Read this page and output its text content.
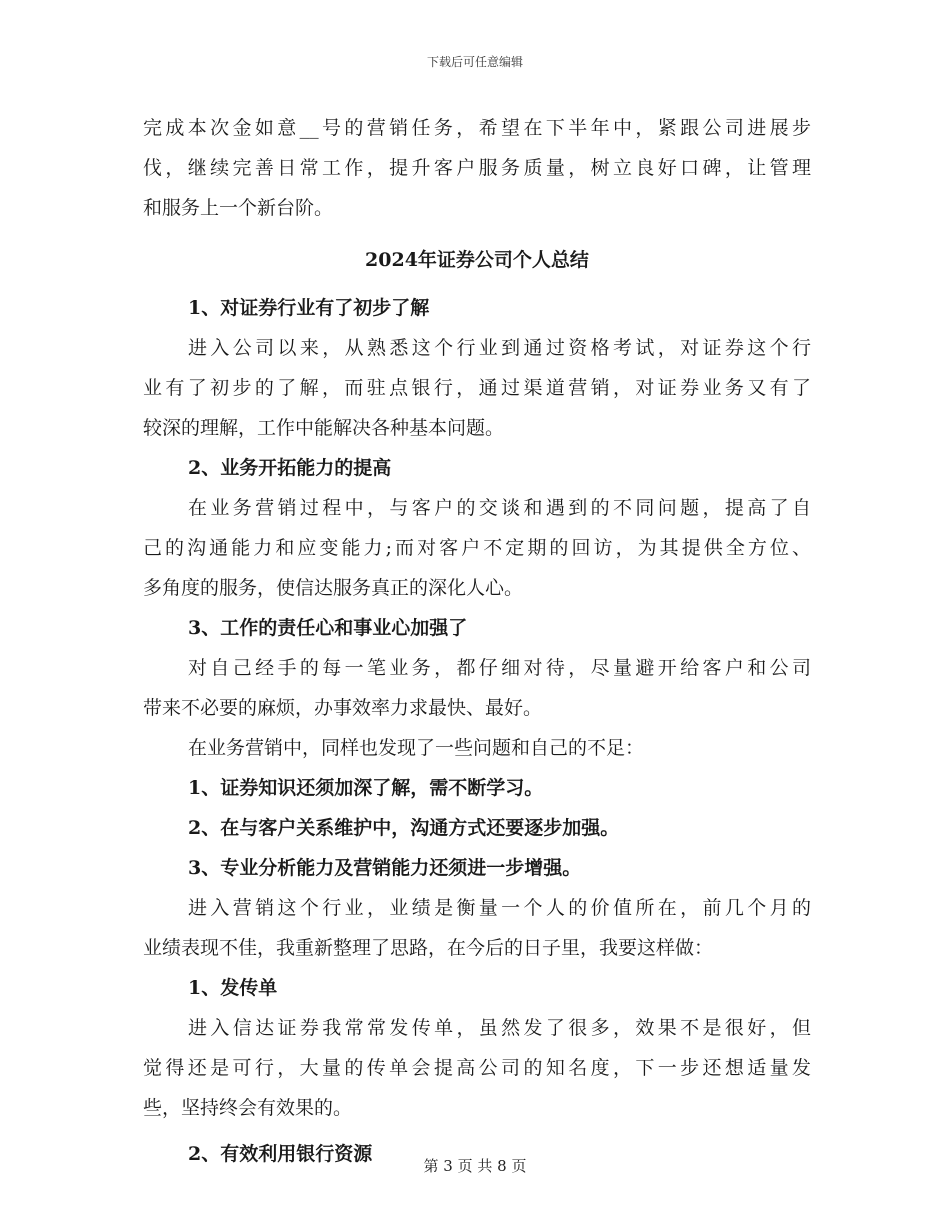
下载后可任意编辑
完成本次金如意__号的营销任务，希望在下半年中，紧跟公司进展步
伐，继续完善日常工作，提升客户服务质量，树立良好口碑，让管理
和服务上一个新台阶。
2024年证券公司个人总结
1、对证券行业有了初步了解
进入公司以来，从熟悉这个行业到通过资格考试，对证券这个行
业有了初步的了解，而驻点银行，通过渠道营销，对证券业务又有了
较深的理解，工作中能解决各种基本问题。
2、业务开拓能力的提高
在业务营销过程中，与客户的交谈和遇到的不同问题，提高了自
己的沟通能力和应变能力;而对客户不定期的回访，为其提供全方位、
多角度的服务，使信达服务真正的深化人心。
3、工作的责任心和事业心加强了
对自己经手的每一笔业务，都仔细对待，尽量避开给客户和公司
带来不必要的麻烦，办事效率力求最快、最好。
在业务营销中，同样也发现了一些问题和自己的不足：
1、证券知识还须加深了解，需不断学习。
2、在与客户关系维护中，沟通方式还要逐步加强。
3、专业分析能力及营销能力还须进一步增强。
进入营销这个行业，业绩是衡量一个人的价值所在，前几个月的
业绩表现不佳，我重新整理了思路，在今后的日子里，我要这样做：
1、发传单
进入信达证券我常常发传单，虽然发了很多，效果不是很好，但
觉得还是可行，大量的传单会提高公司的知名度，下一步还想适量发
些，坚持终会有效果的。
2、有效利用银行资源
第 3 页 共 8 页
